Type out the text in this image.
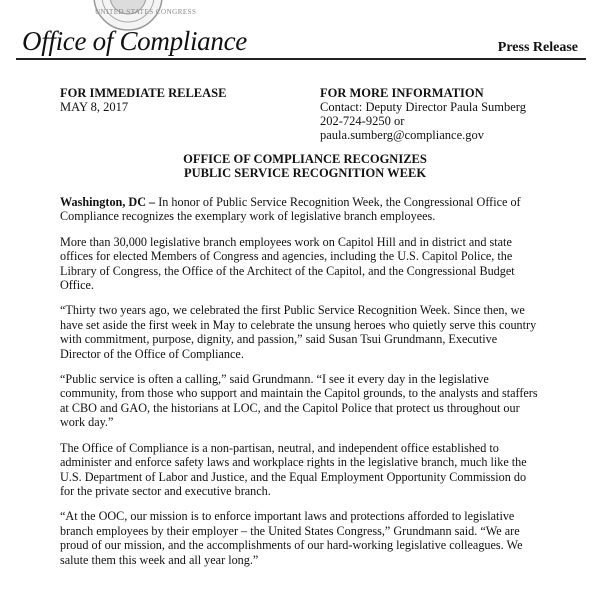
UNITED STATES CONGRESS
Office of Compliance	Press Release
FOR IMMEDIATE RELEASE
MAY 8, 2017
FOR MORE INFORMATION
Contact: Deputy Director Paula Sumberg
202-724-9250 or
paula.sumberg@compliance.gov
OFFICE OF COMPLIANCE RECOGNIZES
PUBLIC SERVICE RECOGNITION WEEK

Washington, DC – In honor of Public Service Recognition Week, the Congressional Office of Compliance recognizes the exemplary work of legislative branch employees.

More than 30,000 legislative branch employees work on Capitol Hill and in district and state offices for elected Members of Congress and agencies, including the U.S. Capitol Police, the Library of Congress, the Office of the Architect of the Capitol, and the Congressional Budget Office.

“Thirty two years ago, we celebrated the first Public Service Recognition Week. Since then, we have set aside the first week in May to celebrate the unsung heroes who quietly serve this country with commitment, purpose, dignity, and passion,” said Susan Tsui Grundmann, Executive Director of the Office of Compliance.

“Public service is often a calling,” said Grundmann. “I see it every day in the legislative community, from those who support and maintain the Capitol grounds, to the analysts and staffers at CBO and GAO, the historians at LOC, and the Capitol Police that protect us throughout our work day.”

The Office of Compliance is a non-partisan, neutral, and independent office established to administer and enforce safety laws and workplace rights in the legislative branch, much like the U.S. Department of Labor and Justice, and the Equal Employment Opportunity Commission do for the private sector and executive branch.

“At the OOC, our mission is to enforce important laws and protections afforded to legislative branch employees by their employer – the United States Congress,” Grundmann said. “We are proud of our mission, and the accomplishments of our hard-working legislative colleagues. We salute them this week and all year long.”
